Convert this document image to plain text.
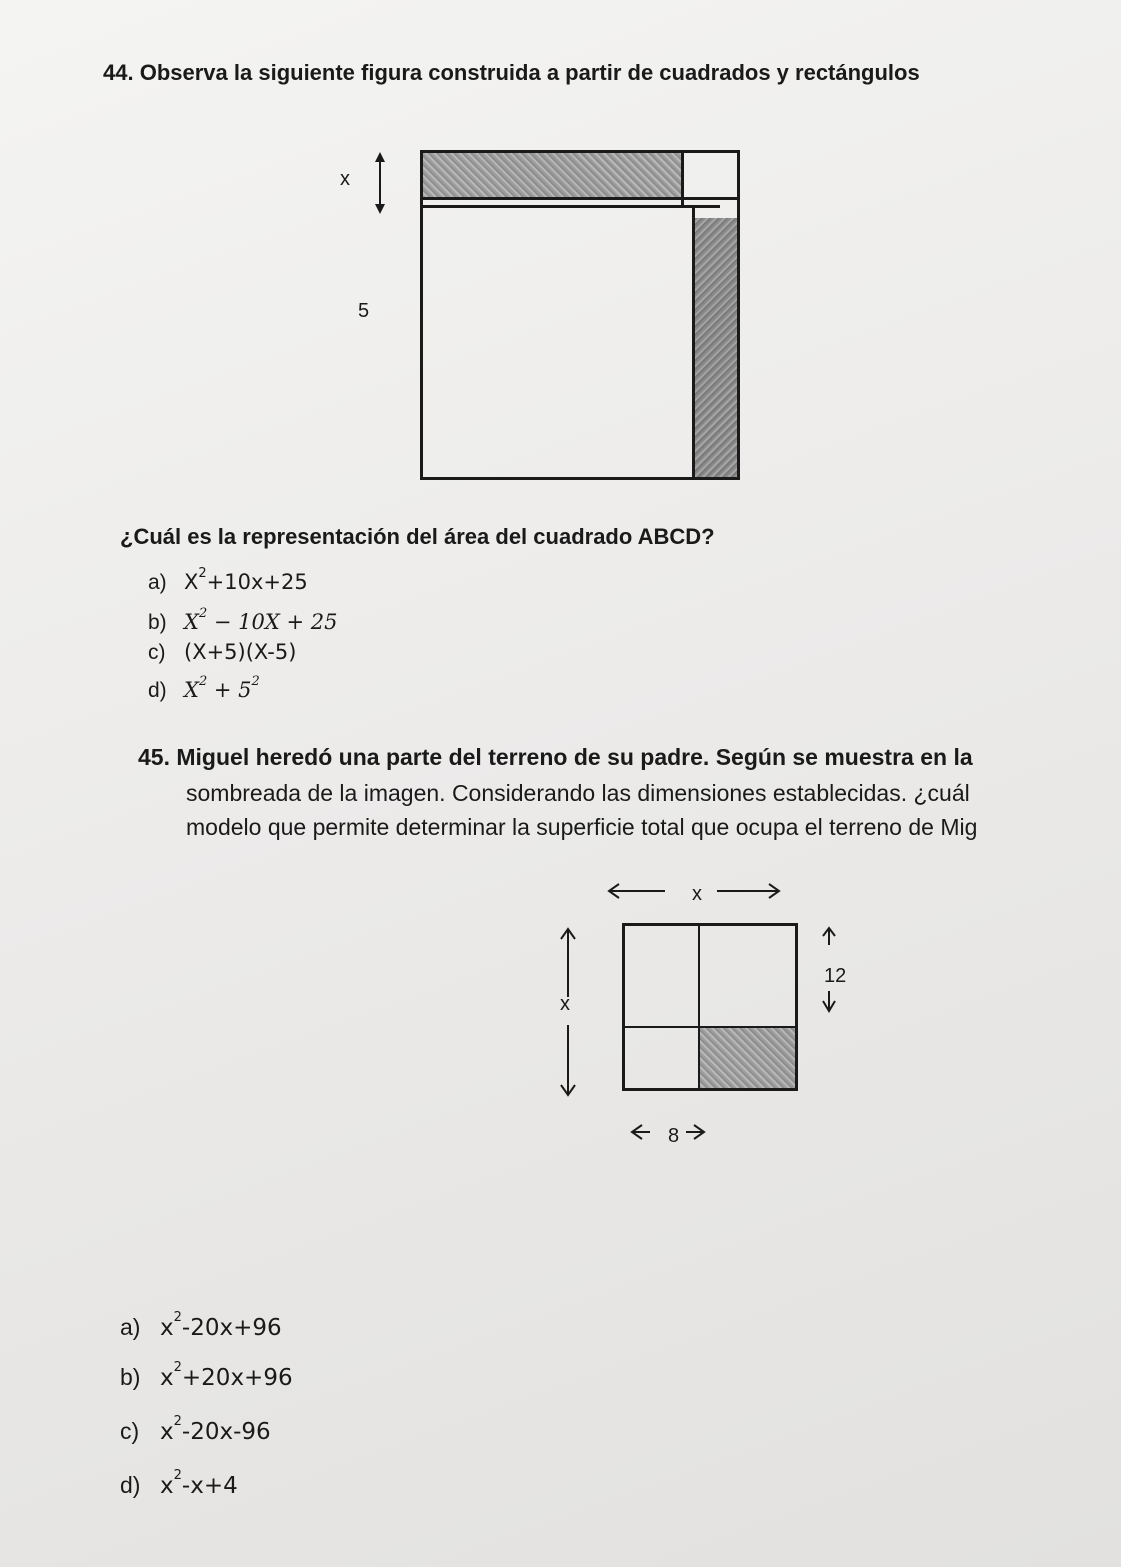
44. Observa la siguiente figura construida a partir de cuadrados y rectángulos
x
5
¿Cuál es la representación del área del cuadrado ABCD?
a) $X^2+10x+25$
b) $X^2 - 10X + 25$
c) (X+5)(X-5)
d) $X^2 + 5^2$
45. Miguel heredó una parte del terreno de su padre. Según se muestra en la
sombreada de la imagen. Considerando las dimensiones establecidas. ¿cuál
modelo que permite determinar la superficie total que ocupa el terreno de Mig
x
x
12
8
a) $x^2-20x+96$
b) $x^2+20x+96$
c) $x^2-20x-96$
d) $x^2-x+4$
